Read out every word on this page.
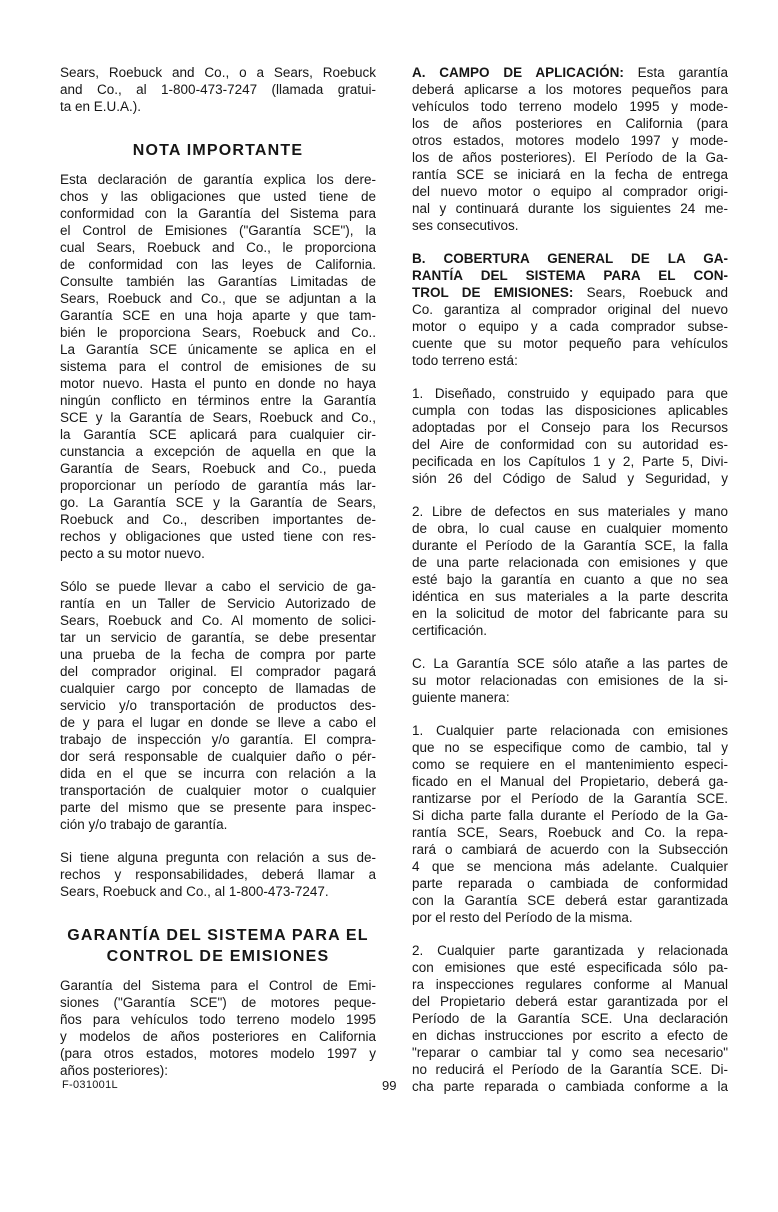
Sears, Roebuck and Co., o a Sears, Roebuck
and Co., al 1-800-473-7247 (llamada gratui-
ta en E.U.A.).
NOTA IMPORTANTE
Esta declaración de garantía explica los dere-
chos y las obligaciones que usted tiene de
conformidad con la Garantía del Sistema para
el Control de Emisiones ("Garantía SCE"), la
cual Sears, Roebuck and Co., le proporciona
de conformidad con las leyes de California.
Consulte también las Garantías Limitadas de
Sears, Roebuck and Co., que se adjuntan a la
Garantía SCE en una hoja aparte y que tam-
bién le proporciona Sears, Roebuck and Co..
La Garantía SCE únicamente se aplica en el
sistema para el control de emisiones de su
motor nuevo. Hasta el punto en donde no haya
ningún conflicto en términos entre la Garantía
SCE y la Garantía de Sears, Roebuck and Co.,
la Garantía SCE aplicará para cualquier cir-
cunstancia a excepción de aquella en que la
Garantía de Sears, Roebuck and Co., pueda
proporcionar un período de garantía más lar-
go. La Garantía SCE y la Garantía de Sears,
Roebuck and Co., describen importantes de-
rechos y obligaciones que usted tiene con res-
pecto a su motor nuevo.
Sólo se puede llevar a cabo el servicio de ga-
rantía en un Taller de Servicio Autorizado de
Sears, Roebuck and Co. Al momento de solici-
tar un servicio de garantía, se debe presentar
una prueba de la fecha de compra por parte
del comprador original. El comprador pagará
cualquier cargo por concepto de llamadas de
servicio y/o transportación de productos des-
de y para el lugar en donde se lleve a cabo el
trabajo de inspección y/o garantía. El compra-
dor será responsable de cualquier daño o pér-
dida en el que se incurra con relación a la
transportación de cualquier motor o cualquier
parte del mismo que se presente para inspec-
ción y/o trabajo de garantía.
Si tiene alguna pregunta con relación a sus de-
rechos y responsabilidades, deberá llamar a
Sears, Roebuck and Co., al 1-800-473-7247.
GARANTÍA DEL SISTEMA PARA EL
CONTROL DE EMISIONES
Garantía del Sistema para el Control de Emi-
siones ("Garantía SCE") de motores peque-
ños para vehículos todo terreno modelo 1995
y modelos de años posteriores en California
(para otros estados, motores modelo 1997 y
años posteriores):
A. CAMPO DE APLICACIÓN: Esta garantía
deberá aplicarse a los motores pequeños para
vehículos todo terreno modelo 1995 y mode-
los de años posteriores en California (para
otros estados, motores modelo 1997 y mode-
los de años posteriores). El Período de la Ga-
rantía SCE se iniciará en la fecha de entrega
del nuevo motor o equipo al comprador origi-
nal y continuará durante los siguientes 24 me-
ses consecutivos.
B. COBERTURA GENERAL DE LA GA-
RANTÍA DEL SISTEMA PARA EL CON-
TROL DE EMISIONES: Sears, Roebuck and
Co. garantiza al comprador original del nuevo
motor o equipo y a cada comprador subse-
cuente que su motor pequeño para vehículos
todo terreno está:
1. Diseñado, construido y equipado para que
cumpla con todas las disposiciones aplicables
adoptadas por el Consejo para los Recursos
del Aire de conformidad con su autoridad es-
pecificada en los Capítulos 1 y 2, Parte 5, Divi-
sión 26 del Código de Salud y Seguridad, y
2. Libre de defectos en sus materiales y mano
de obra, lo cual cause en cualquier momento
durante el Período de la Garantía SCE, la falla
de una parte relacionada con emisiones y que
esté bajo la garantía en cuanto a que no sea
idéntica en sus materiales a la parte descrita
en la solicitud de motor del fabricante para su
certificación.
C. La Garantía SCE sólo atañe a las partes de
su motor relacionadas con emisiones de la si-
guiente manera:
1. Cualquier parte relacionada con emisiones
que no se especifique como de cambio, tal y
como se requiere en el mantenimiento especi-
ficado en el Manual del Propietario, deberá ga-
rantizarse por el Período de la Garantía SCE.
Si dicha parte falla durante el Período de la Ga-
rantía SCE, Sears, Roebuck and Co. la repa-
rará o cambiará de acuerdo con la Subsección
4 que se menciona más adelante. Cualquier
parte reparada o cambiada de conformidad
con la Garantía SCE deberá estar garantizada
por el resto del Período de la misma.
2. Cualquier parte garantizada y relacionada
con emisiones que esté especificada sólo pa-
ra inspecciones regulares conforme al Manual
del Propietario deberá estar garantizada por el
Período de la Garantía SCE. Una declaración
en dichas instrucciones por escrito a efecto de
"reparar o cambiar tal y como sea necesario"
no reducirá el Período de la Garantía SCE. Di-
cha parte reparada o cambiada conforme a la
F-031001L	99
